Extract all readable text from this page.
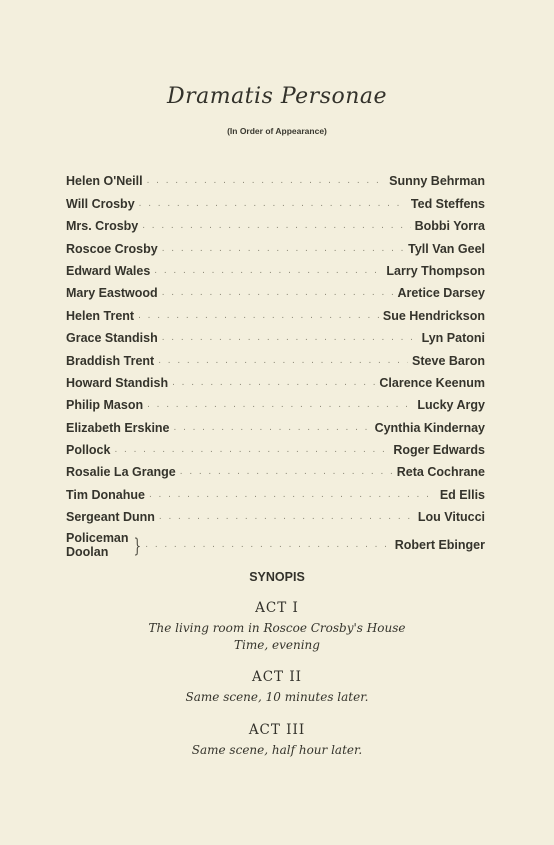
Dramatis Personae
(In Order of Appearance)
Helen O'Neill . . .	Sunny Behrman
Will Crosby . . .	Ted Steffens
Mrs. Crosby . . .	Bobbi Yorra
Roscoe Crosby . . .	Tyll Van Geel
Edward Wales . . .	Larry Thompson
Mary Eastwood . . .	Aretice Darsey
Helen Trent . . .	Sue Hendrickson
Grace Standish . . .	Lyn Patoni
Braddish Trent . . .	Steve Baron
Howard Standish . . .	Clarence Keenum
Philip Mason . . .	Lucky Argy
Elizabeth Erskine . . .	Cynthia Kindernay
Pollock . . .	Roger Edwards
Rosalie La Grange . . .	Reta Cochrane
Tim Donahue . . .	Ed Ellis
Sergeant Dunn . . .	Lou Vitucci
Policeman
Doolan	} . . .	Robert Ebinger
SYNOPIS
ACT I
The living room in Roscoe Crosby's House
Time, evening
ACT II
Same scene, 10 minutes later.
ACT III
Same scene, half hour later.
